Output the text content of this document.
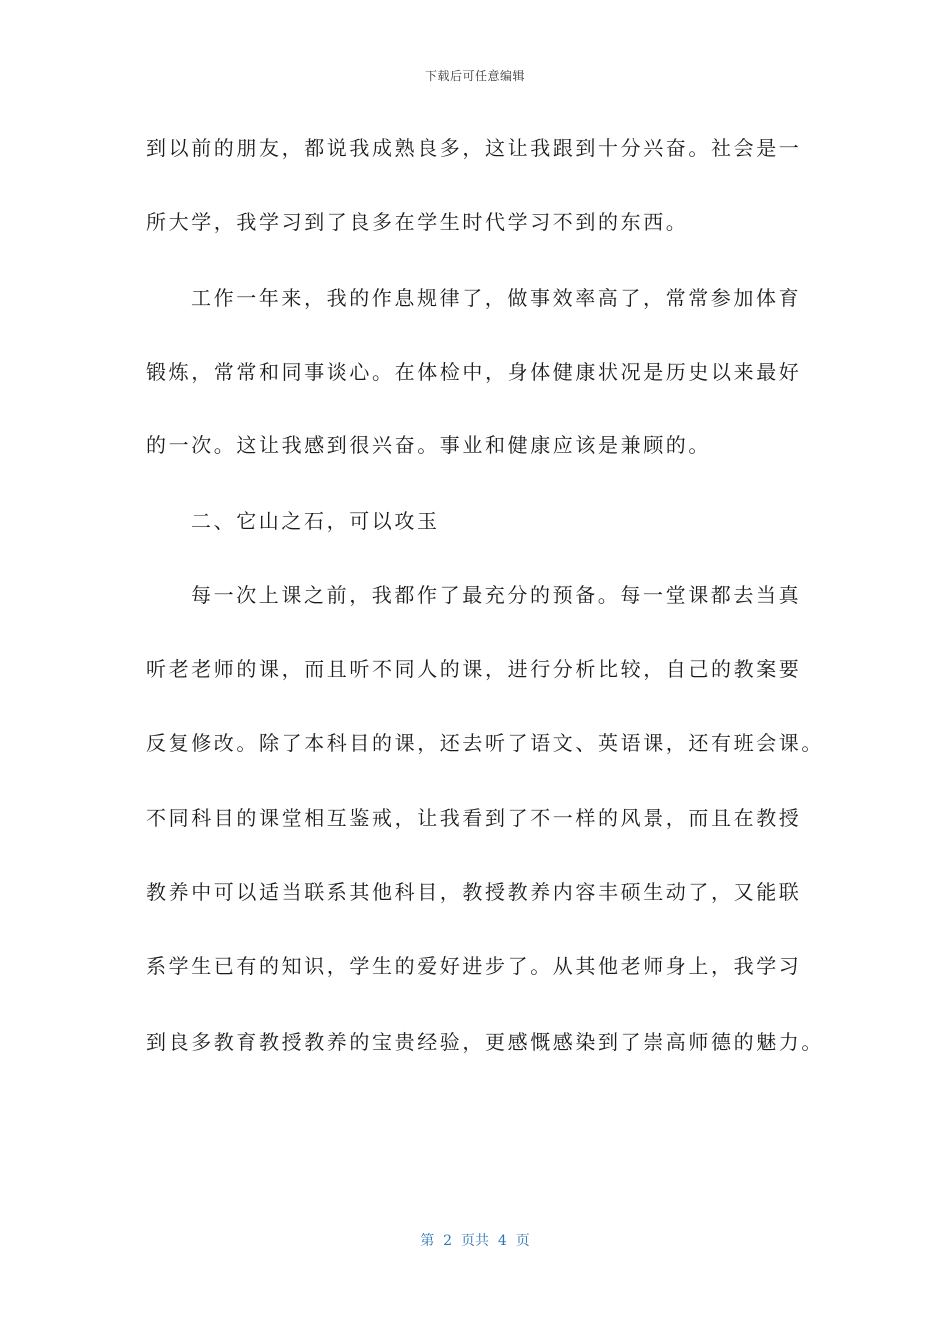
下载后可任意编辑
到以前的朋友，都说我成熟良多，这让我跟到十分兴奋。社会是一
所大学，我学习到了良多在学生时代学习不到的东西。
工作一年来，我的作息规律了，做事效率高了，常常参加体育
锻炼，常常和同事谈心。在体检中，身体健康状况是历史以来最好
的一次。这让我感到很兴奋。事业和健康应该是兼顾的。
二、它山之石，可以攻玉
每一次上课之前，我都作了最充分的预备。每一堂课都去当真
听老老师的课，而且听不同人的课，进行分析比较，自己的教案要
反复修改。除了本科目的课，还去听了语文、英语课，还有班会课。
不同科目的课堂相互鉴戒，让我看到了不一样的风景，而且在教授
教养中可以适当联系其他科目，教授教养内容丰硕生动了，又能联
系学生已有的知识，学生的爱好进步了。从其他老师身上，我学习
到良多教育教授教养的宝贵经验，更感慨感染到了崇高师德的魅力。
第  2  页共  4  页
